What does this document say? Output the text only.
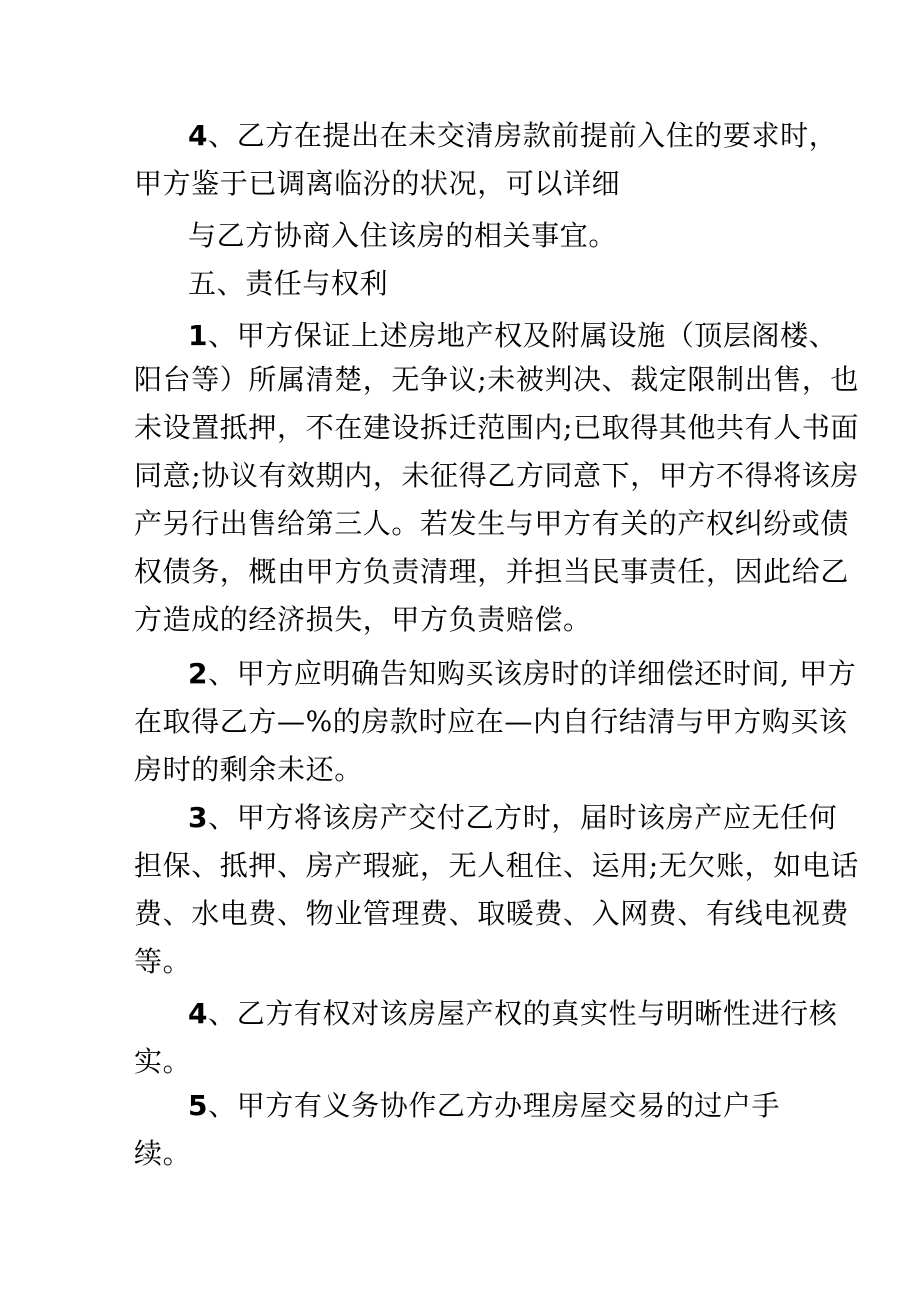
4、乙方在提出在未交清房款前提前入住的要求时，
甲方鉴于已调离临汾的状况，可以详细
与乙方协商入住该房的相关事宜。
五、责任与权利
1、甲方保证上述房地产权及附属设施（顶层阁楼、
阳台等）所属清楚，无争议;未被判决、裁定限制出售，也
未设置抵押，不在建设拆迁范围内;已取得其他共有人书面
同意;协议有效期内，未征得乙方同意下，甲方不得将该房
产另行出售给第三人。若发生与甲方有关的产权纠纷或债
权债务，概由甲方负责清理，并担当民事责任，因此给乙
方造成的经济损失，甲方负责赔偿。
2、甲方应明确告知购买该房时的详细偿还时间, 甲方
在取得乙方—%的房款时应在—内自行结清与甲方购买该
房时的剩余未还。
3、甲方将该房产交付乙方时，届时该房产应无任何
担保、抵押、房产瑕疵，无人租住、运用;无欠账，如电话
费、水电费、物业管理费、取暖费、入网费、有线电视费
等。
4、乙方有权对该房屋产权的真实性与明晰性进行核
实。
5、甲方有义务协作乙方办理房屋交易的过户手
续。
